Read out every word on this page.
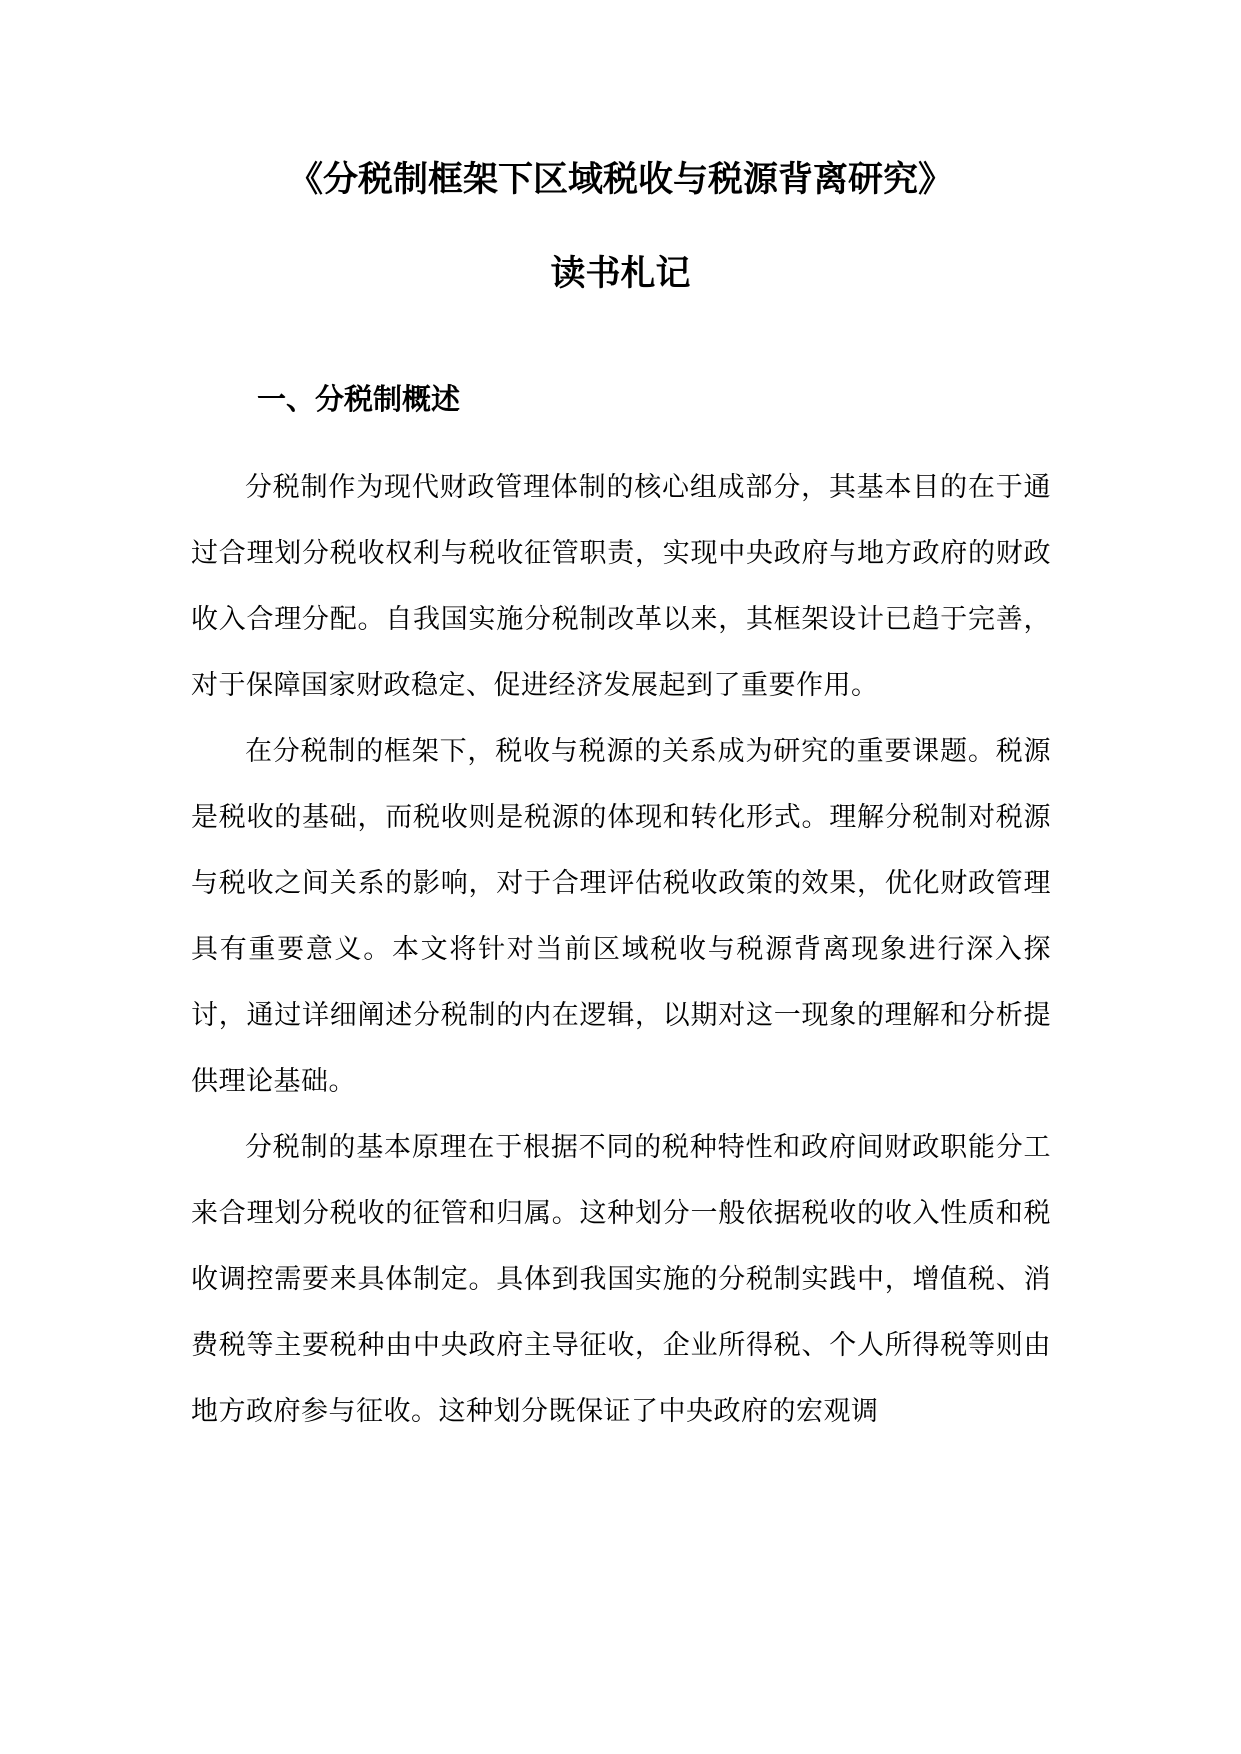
《分税制框架下区域税收与税源背离研究》
读书札记
一、分税制概述

分税制作为现代财政管理体制的核心组成部分，其基本目的在于通过合理划分税收权利与税收征管职责，实现中央政府与地方政府的财政收入合理分配。自我国实施分税制改革以来，其框架设计已趋于完善，对于保障国家财政稳定、促进经济发展起到了重要作用。

在分税制的框架下，税收与税源的关系成为研究的重要课题。税源是税收的基础，而税收则是税源的体现和转化形式。理解分税制对税源与税收之间关系的影响，对于合理评估税收政策的效果，优化财政管理具有重要意义。本文将针对当前区域税收与税源背离现象进行深入探讨，通过详细阐述分税制的内在逻辑，以期对这一现象的理解和分析提供理论基础。

分税制的基本原理在于根据不同的税种特性和政府间财政职能分工来合理划分税收的征管和归属。这种划分一般依据税收的收入性质和税收调控需要来具体制定。具体到我国实施的分税制实践中，增值税、消费税等主要税种由中央政府主导征收，企业所得税、个人所得税等则由地方政府参与征收。这种划分既保证了中央政府的宏观调
